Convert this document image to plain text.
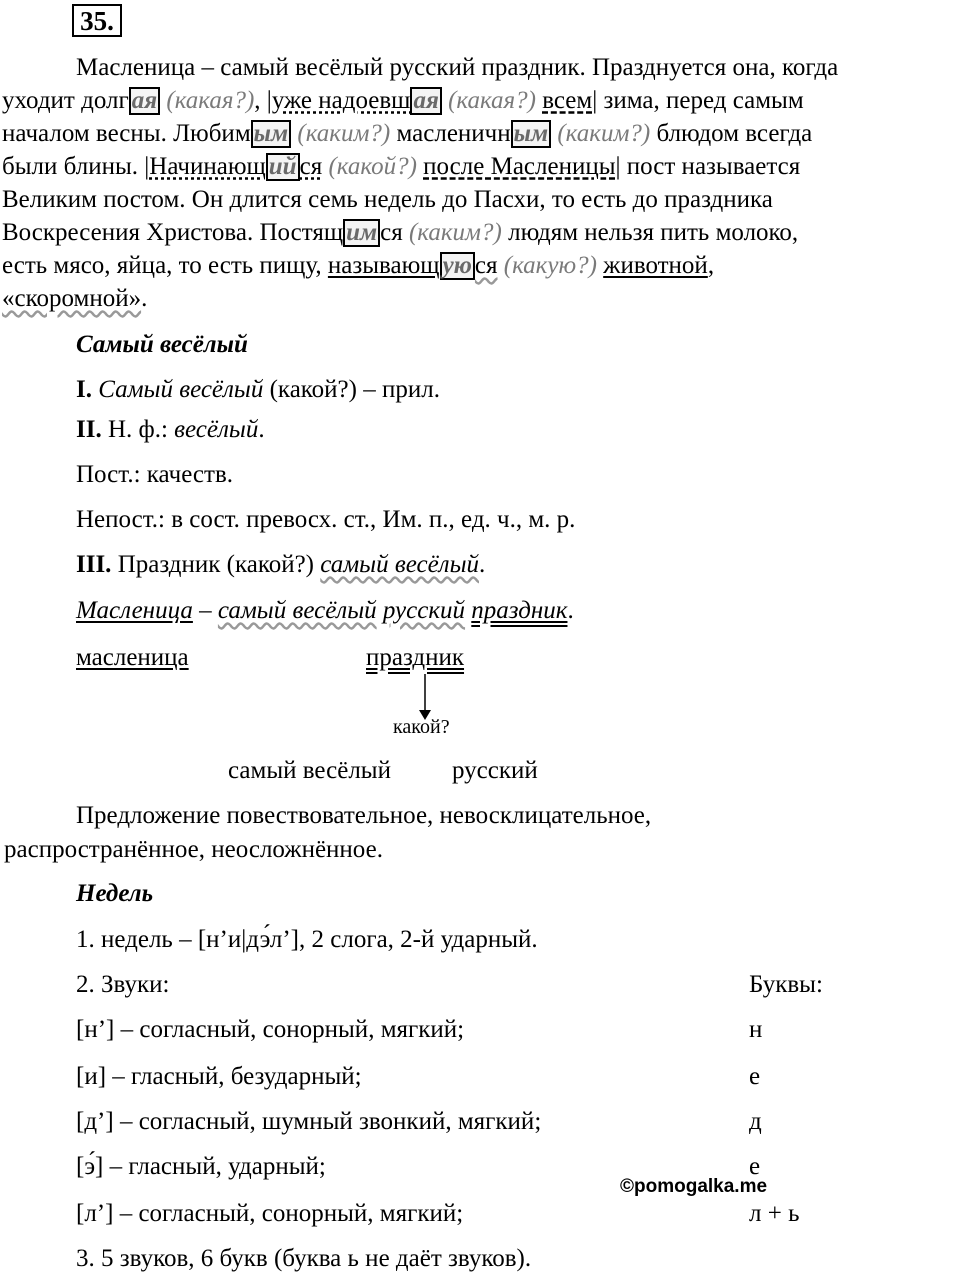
35.
Масленица – самый весёлый русский праздник. Празднуется она, когда
уходит долг ая (какая?), |уже надоевш ая (какая?) всем| зима, перед самым
началом весны. Любим ым (каким?) масленичн ым (каким?) блюдом всегда
были блины. |Начинающ ий ся (какой?) после Масленицы| пост называется
Великим постом. Он длится семь недель до Пасхи, то есть до праздника
Воскресения Христова. Постящ им ся (каким?) людям нельзя пить молоко,
есть мясо, яйца, то есть пищу, называющ ую ся (какую?) животной,
«скоромной».
Самый весёлый
I. Самый весёлый (какой?) – прил.
II. Н. ф.: весёлый.
Пост.: качеств.
Непост.: в сост. превосх. ст., Им. п., ед. ч., м. р.
III. Праздник (какой?) самый весёлый.
Масленица – самый весёлый русский праздник.
масленица	праздник
какой?
самый весёлый русский
Предложение повествовательное, невосклицательное,
распространённое, неосложнённое.
Недель
1. недель – [н’и|дэ́л’], 2 слога, 2-й ударный.
2. Звуки:	Буквы:
[н’] – согласный, сонорный, мягкий;	н
[и] – гласный, безударный;	е
[д’] – согласный, шумный звонкий, мягкий;	д
[э́] – гласный, ударный;	е
©pomogalka.me
[л’] – согласный, сонорный, мягкий;	л + ь
3. 5 звуков, 6 букв (буква ь не даёт звуков).
